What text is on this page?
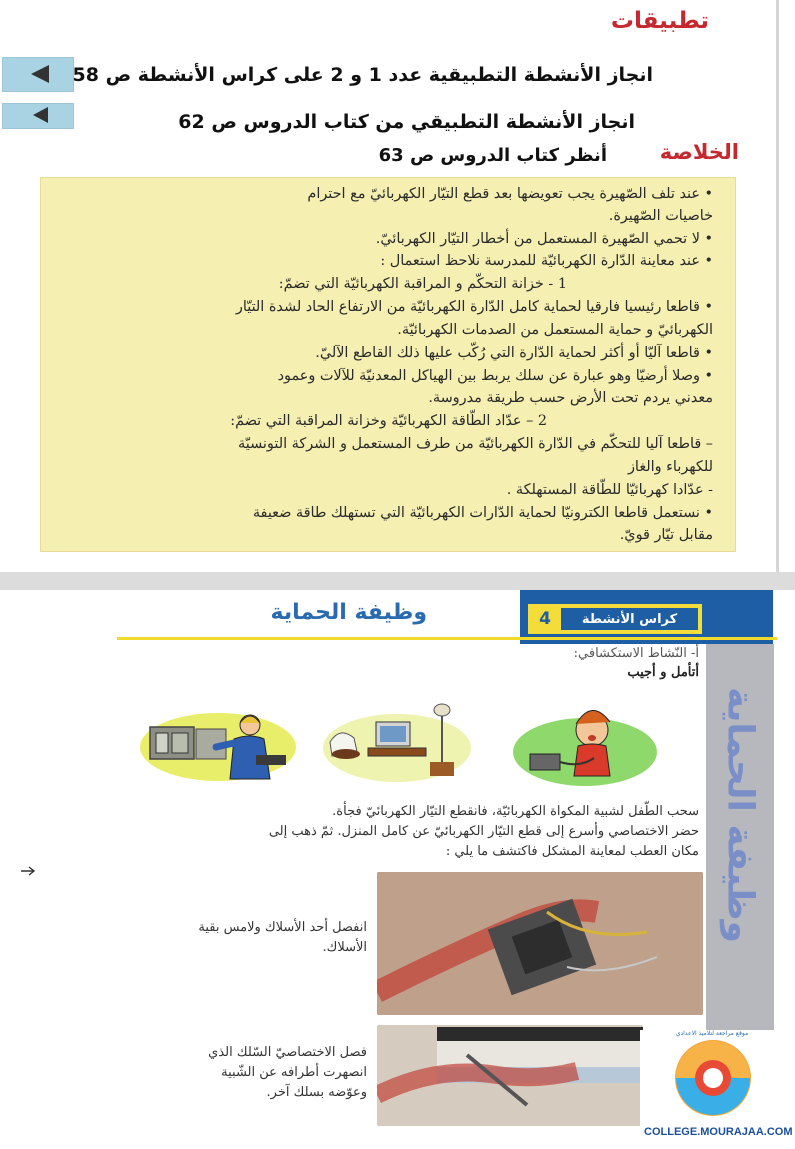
تطبيقات
انجاز الأنشطة التطبيقية عدد 1 و 2 على كراس الأنشطة ص 58
انجاز الأنشطة التطبيقي من كتاب الدروس ص 62
الخلاصة
أنظر كتاب الدروس ص 63
• عند تلف الصّهيرة يجب تعويضها بعد قطع التيّار الكهربائيّ مع احترام
خاصيات الصّهيرة.
• لا تحمي الصّهيرة المستعمل من أخطار التيّار الكهربائيّ.
• عند معاينة الدّارة الكهربائيّة للمدرسة نلاحظ استعمال :
1 - خزانة التحكّم و المراقبة الكهربائيّة التي تضمّ:
• قاطعا رئيسيا فارقيا لحماية كامل الدّارة الكهربائيّة من الارتفاع الحاد لشدة التيّار
الكهربائيّ و حماية المستعمل من الصدمات الكهربائيّة.
• قاطعا آليّا أو أكثر لحماية الدّارة التي رُكّب عليها ذلك القاطع الآليّ.
• وصلا أرضيّا وهو عبارة عن سلك يربط بين الهياكل المعدنيّة للآلات وعمود
معدني يردم تحت الأرض حسب طريقة مدروسة.
2 – عدّاد الطّاقة الكهربائيّة وخزانة المراقبة التي تضمّ:
– قاطعا آليا للتحكّم في الدّارة الكهربائيّة من طرف المستعمل و الشركة التونسيّة
للكهرباء والغاز
- عدّادا كهربائيّا للطّاقة المستهلكة .
• نستعمل قاطعا الكترونيّا لحماية الدّارات الكهربائيّة التي تستهلك طاقة ضعيفة
مقابل تيّار قويّ.
كراس الأنشطة
4
وظيفة الحماية
وظيفة الحماية
أ- النّشاط الاستكشافي:
أتأمل و أجيب
سحب الطّفل لشبية المكواة الكهربائيّة، فانقطع التيّار الكهربائيّ فجأة.
حضر الاختصاصي وأسرع إلى قطع التيّار الكهربائيّ عن كامل المنزل. ثمّ ذهب إلى
مكان العطب لمعاينة المشكل فاكتشف ما يلي :
انفصل أحد الأسلاك ولامس بقية
الأسلاك.
فصل الاختصاصيّ السّلك الذي
انصهرت أطرافه عن الشّبية
وعوّضه بسلك آخر.
موقع مراجعة لتلاميذ الاعدادي
COLLEGE.MOURAJAA.COM
